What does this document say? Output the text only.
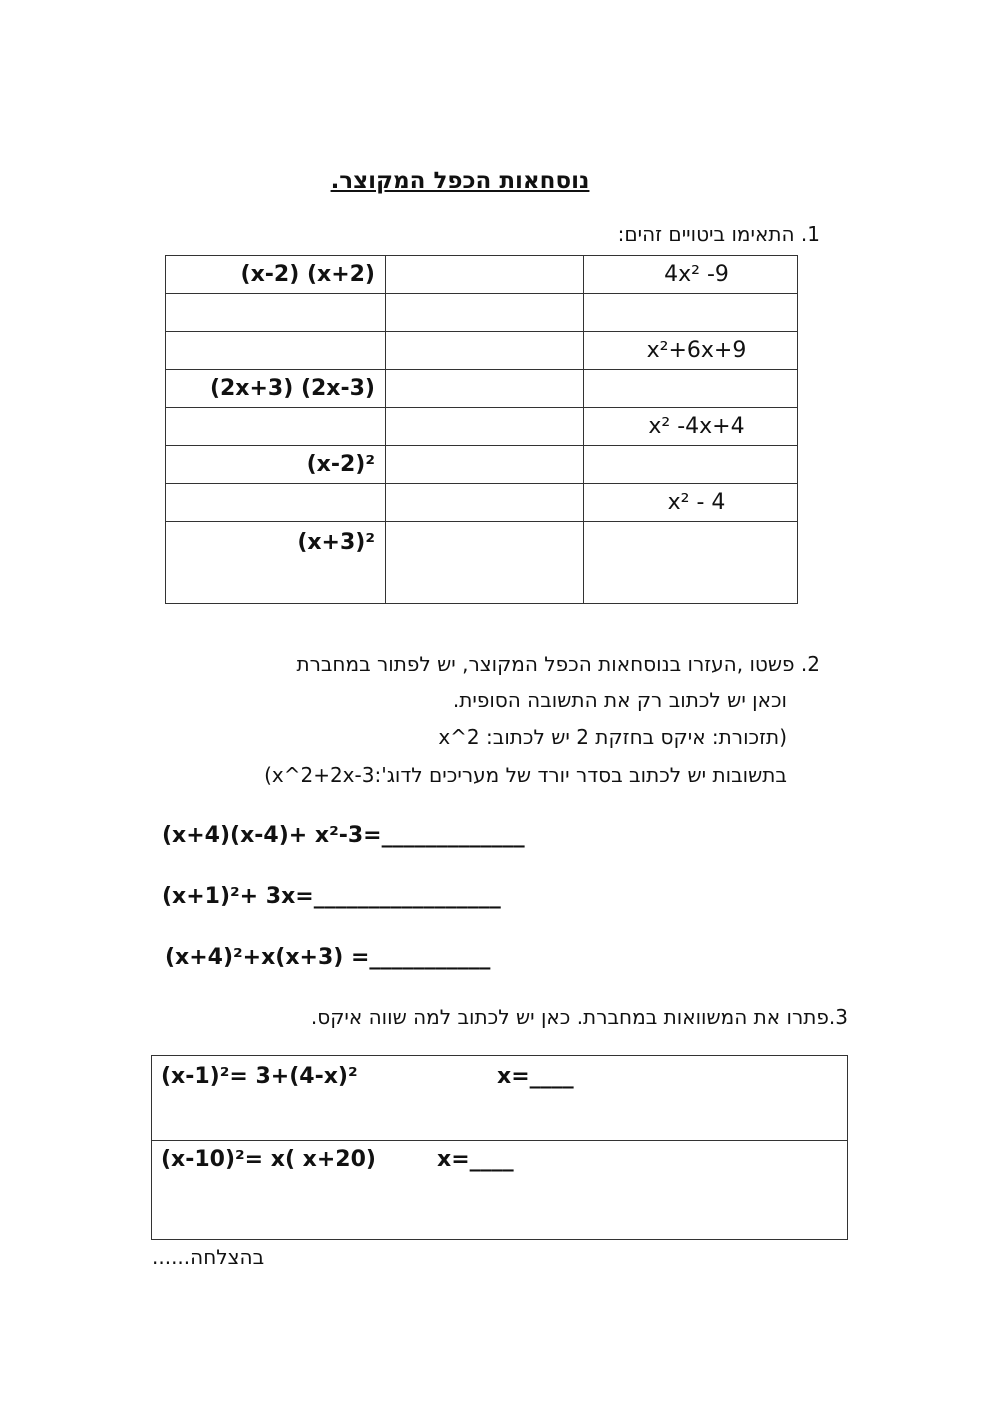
נוסחאות הכפל המקוצר.
1. התאימו ביטויים זהים:
(x-2) (x+2)		4x² -9

		x²+6x+9
(2x+3) (2x-3)		
		x² -4x+4
(x-2)²		
		x² - 4
(x+3)²		
2. פשטו ,העזרו בנוסחאות הכפל המקוצר, יש לפתור במחברת
וכאן יש לכתוב רק את התשובה הסופית.
(תזכורת: איקס בחזקת 2 יש לכתוב: x^2
בתשובות יש לכתוב בסדר יורד של מעריכים לדוג':x^2+2x-3)
(x+4)(x-4)+ x²-3=_____________
(x+1)²+ 3x=_________________
(x+4)²+x(x+3) =___________
3.פתרו את המשוואות במחברת. כאן יש לכתוב למה שווה איקס.
(x-1)²= 3+(4-x)²	x=____
(x-10)²= x( x+20)	x=____
בהצלחה......
